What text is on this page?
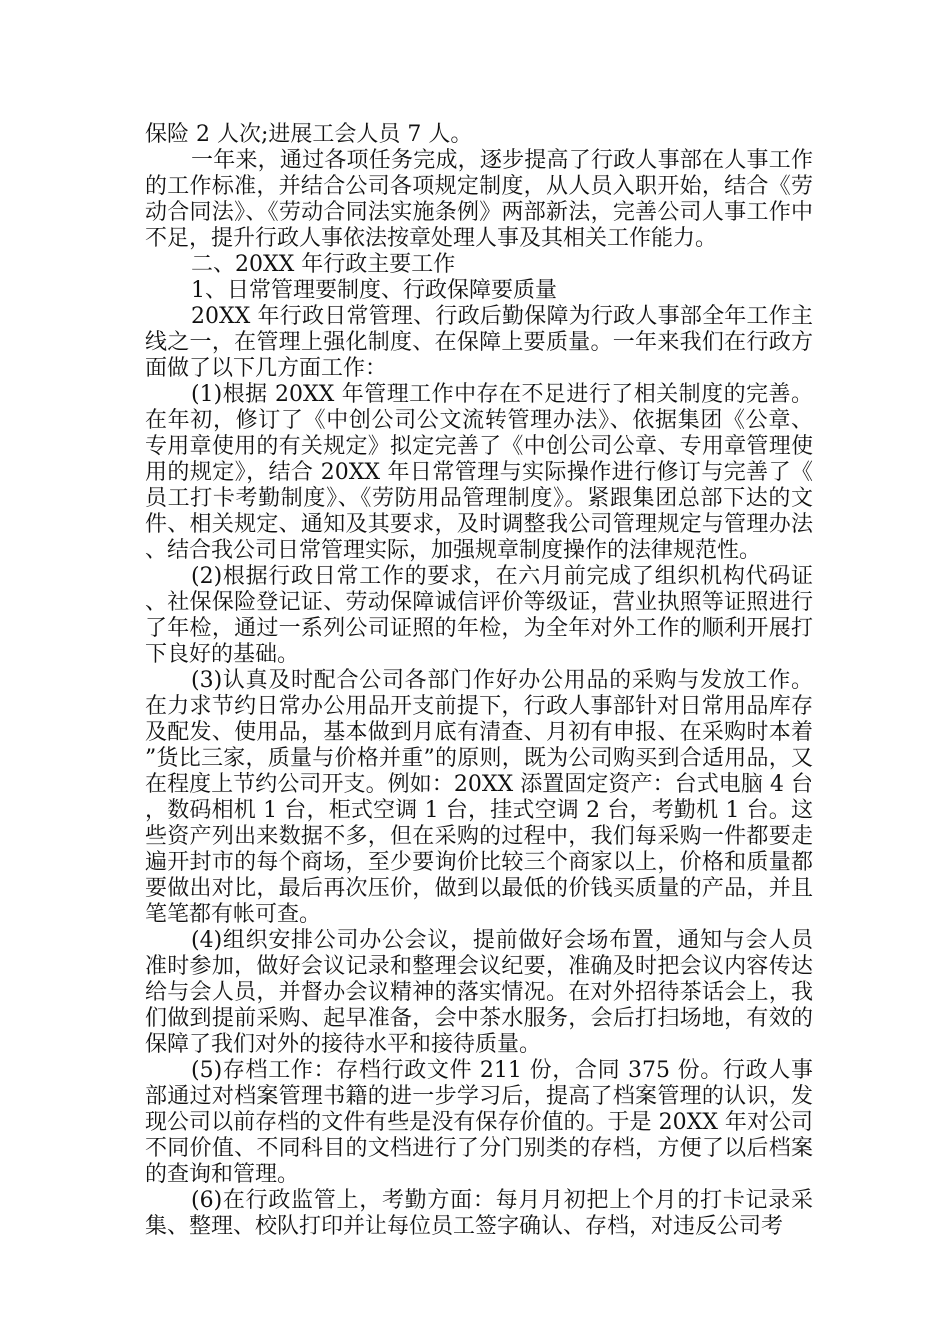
保险 2 人次;进展工会人员 7 人。

一年来，通过各项任务完成，逐步提高了行政人事部在人事工作的工作标准，并结合公司各项规定制度，从人员入职开始，结合《劳动合同法》、《劳动合同法实施条例》两部新法，完善公司人事工作中不足，提升行政人事依法按章处理人事及其相关工作能力。

二、20XX 年行政主要工作

1、日常管理要制度、行政保障要质量

20XX 年行政日常管理、行政后勤保障为行政人事部全年工作主线之一，在管理上强化制度、在保障上要质量。一年来我们在行政方面做了以下几方面工作：

(1)根据 20XX 年管理工作中存在不足进行了相关制度的完善。在年初，修订了《中创公司公文流转管理办法》、依据集团《公章、专用章使用的有关规定》拟定完善了《中创公司公章、专用章管理使用的规定》，结合 20XX 年日常管理与实际操作进行修订与完善了《员工打卡考勤制度》、《劳防用品管理制度》。紧跟集团总部下达的文件、相关规定、通知及其要求，及时调整我公司管理规定与管理办法、结合我公司日常管理实际，加强规章制度操作的法律规范性。

(2)根据行政日常工作的要求，在六月前完成了组织机构代码证、社保保险登记证、劳动保障诚信评价等级证，营业执照等证照进行了年检，通过一系列公司证照的年检，为全年对外工作的顺利开展打下良好的基础。

(3)认真及时配合公司各部门作好办公用品的采购与发放工作。在力求节约日常办公用品开支前提下，行政人事部针对日常用品库存及配发、使用品，基本做到月底有清查、月初有申报、在采购时本着”货比三家，质量与价格并重”的原则，既为公司购买到合适用品，又在程度上节约公司开支。例如：20XX 添置固定资产：台式电脑 4 台，数码相机 1 台，柜式空调 1 台，挂式空调 2 台，考勤机 1 台。这些资产列出来数据不多，但在采购的过程中，我们每采购一件都要走遍开封市的每个商场，至少要询价比较三个商家以上，价格和质量都要做出对比，最后再次压价，做到以最低的价钱买质量的产品，并且笔笔都有帐可查。

(4)组织安排公司办公会议，提前做好会场布置，通知与会人员准时参加，做好会议记录和整理会议纪要，准确及时把会议内容传达给与会人员，并督办会议精神的落实情况。在对外招待茶话会上，我们做到提前采购、起早准备，会中茶水服务，会后打扫场地，有效的保障了我们对外的接待水平和接待质量。

(5)存档工作：存档行政文件 211 份，合同 375 份。行政人事部通过对档案管理书籍的进一步学习后，提高了档案管理的认识，发现公司以前存档的文件有些是没有保存价值的。于是 20XX 年对公司不同价值、不同科目的文档进行了分门别类的存档，方便了以后档案的查询和管理。

(6)在行政监管上，考勤方面：每月月初把上个月的打卡记录采集、整理、校队打印并让每位员工签字确认、存档，对违反公司考
